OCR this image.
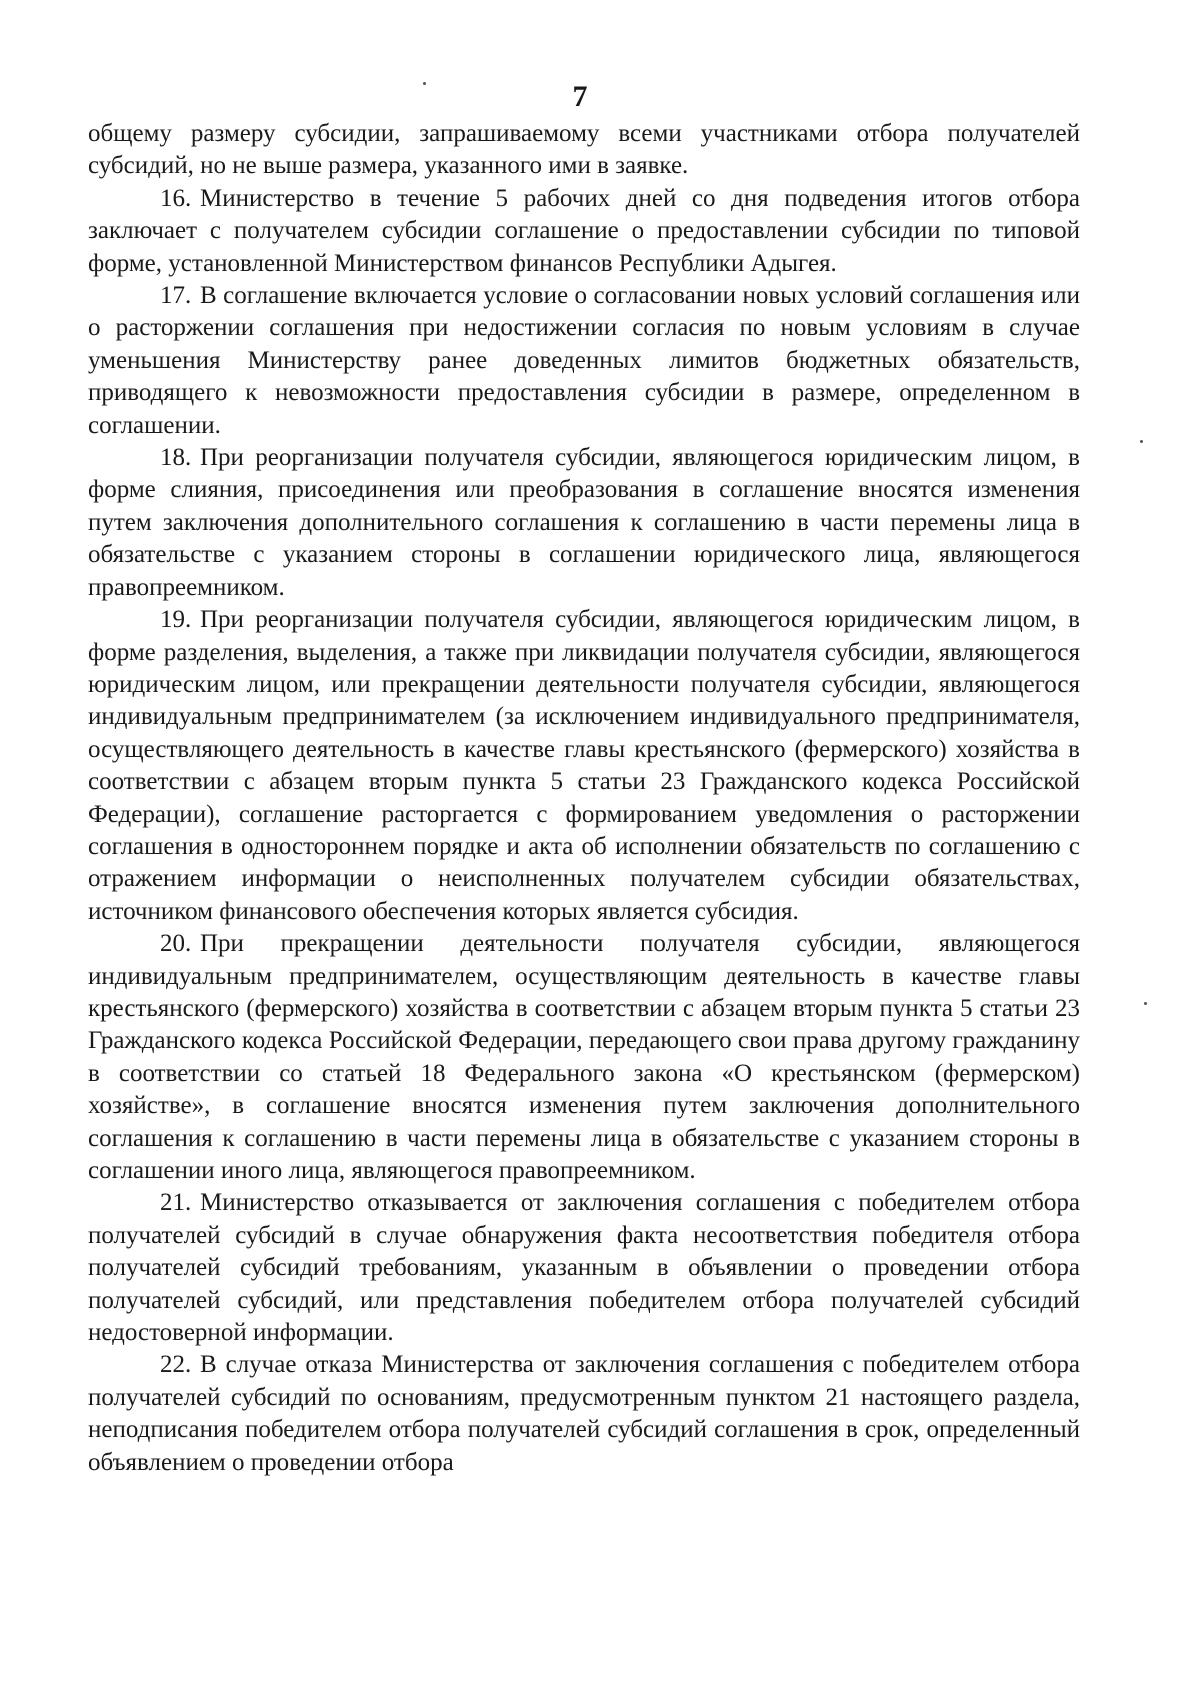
7

общему размеру субсидии, запрашиваемому всеми участниками отбора получателей субсидий, но не выше размера, указанного ими в заявке.

16. Министерство в течение 5 рабочих дней со дня подведения итогов отбора заключает с получателем субсидии соглашение о предоставлении субсидии по типовой форме, установленной Министерством финансов Республики Адыгея.

17. В соглашение включается условие о согласовании новых условий соглашения или о расторжении соглашения при недостижении согласия по новым условиям в случае уменьшения Министерству ранее доведенных лимитов бюджетных обязательств, приводящего к невозможности предоставления субсидии в размере, определенном в соглашении.

18. При реорганизации получателя субсидии, являющегося юридическим лицом, в форме слияния, присоединения или преобразования в соглашение вносятся изменения путем заключения дополнительного соглашения к соглашению в части перемены лица в обязательстве с указанием стороны в соглашении юридического лица, являющегося правопреемником.

19. При реорганизации получателя субсидии, являющегося юридическим лицом, в форме разделения, выделения, а также при ликвидации получателя субсидии, являющегося юридическим лицом, или прекращении деятельности получателя субсидии, являющегося индивидуальным предпринимателем (за исключением индивидуального предпринимателя, осуществляющего деятельность в качестве главы крестьянского (фермерского) хозяйства в соответствии с абзацем вторым пункта 5 статьи 23 Гражданского кодекса Российской Федерации), соглашение расторгается с формированием уведомления о расторжении соглашения в одностороннем порядке и акта об исполнении обязательств по соглашению с отражением информации о неисполненных получателем субсидии обязательствах, источником финансового обеспечения которых является субсидия.

20. При прекращении деятельности получателя субсидии, являющегося индивидуальным предпринимателем, осуществляющим деятельность в качестве главы крестьянского (фермерского) хозяйства в соответствии с абзацем вторым пункта 5 статьи 23 Гражданского кодекса Российской Федерации, передающего свои права другому гражданину в соответствии со статьей 18 Федерального закона «О крестьянском (фермерском) хозяйстве», в соглашение вносятся изменения путем заключения дополнительного соглашения к соглашению в части перемены лица в обязательстве с указанием стороны в соглашении иного лица, являющегося правопреемником.

21. Министерство отказывается от заключения соглашения с победителем отбора получателей субсидий в случае обнаружения факта несоответствия победителя отбора получателей субсидий требованиям, указанным в объявлении о проведении отбора получателей субсидий, или представления победителем отбора получателей субсидий недостоверной информации.

22. В случае отказа Министерства от заключения соглашения с победителем отбора получателей субсидий по основаниям, предусмотренным пунктом 21 настоящего раздела, неподписания победителем отбора получателей субсидий соглашения в срок, определенный объявлением о проведении отбора
